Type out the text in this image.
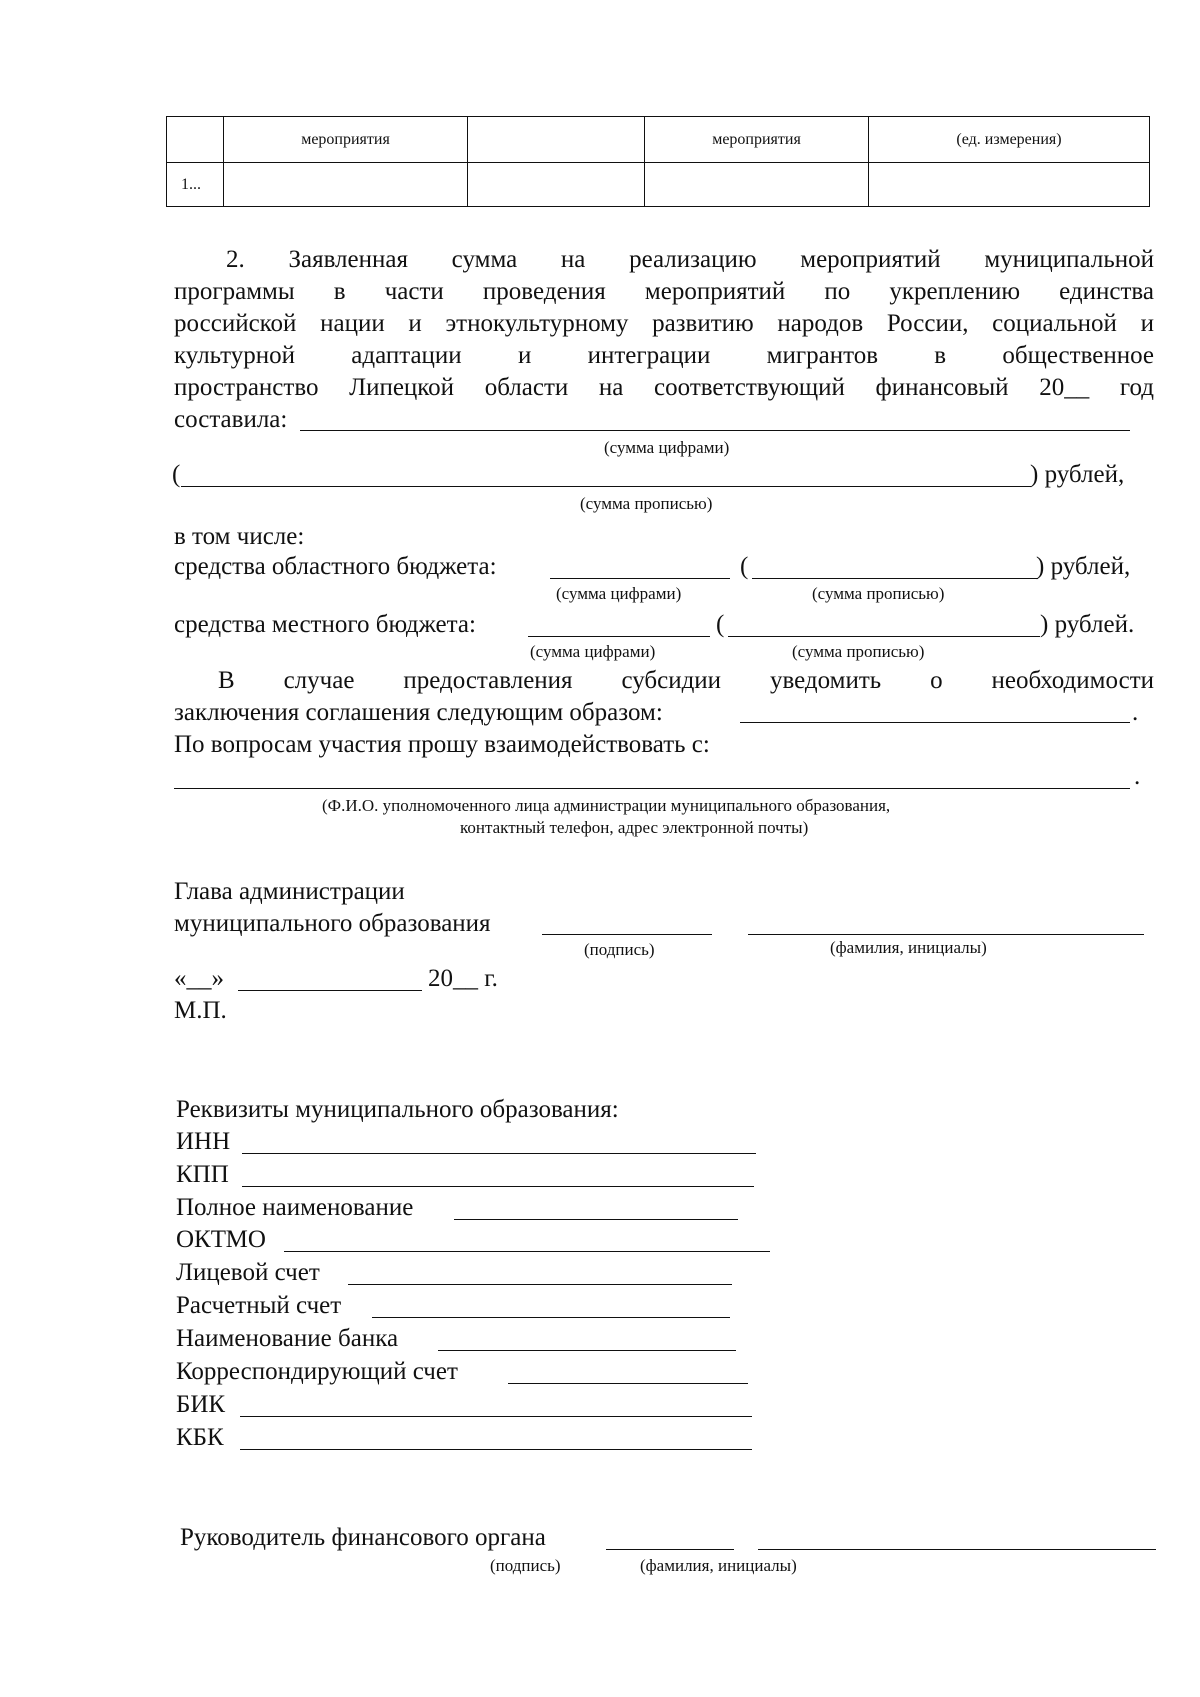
	мероприятия		мероприятия	(ед. измерения)
1...				
2. Заявленная сумма на реализацию мероприятий муниципальной
программы в части проведения мероприятий по укреплению единства
российской нации и этнокультурному развитию народов России, социальной и
культурной адаптации и интеграции мигрантов в общественное
пространство Липецкой области на соответствующий финансовый 20__ год
составила:
(сумма цифрами)
(	) рублей,
(сумма прописью)
в том числе:
средства областного бюджета:	(	) рублей,
(сумма цифрами)	(сумма прописью)
средства местного бюджета:	(	) рублей.
(сумма цифрами)	(сумма прописью)
В случае предоставления субсидии уведомить о необходимости
заключения соглашения следующим образом:	.
По вопросам участия прошу взаимодействовать с:
.
(Ф.И.О. уполномоченного лица администрации муниципального образования,
контактный телефон, адрес электронной почты)
Глава администрации
муниципального образования
(подпись)	(фамилия, инициалы)
«__»	20__ г.
М.П.
Реквизиты муниципального образования:
ИНН
КПП
Полное наименование
ОКТМО
Лицевой счет
Расчетный счет
Наименование банка
Корреспондирующий счет
БИК
КБК
Руководитель финансового органа
(подпись)	(фамилия, инициалы)
